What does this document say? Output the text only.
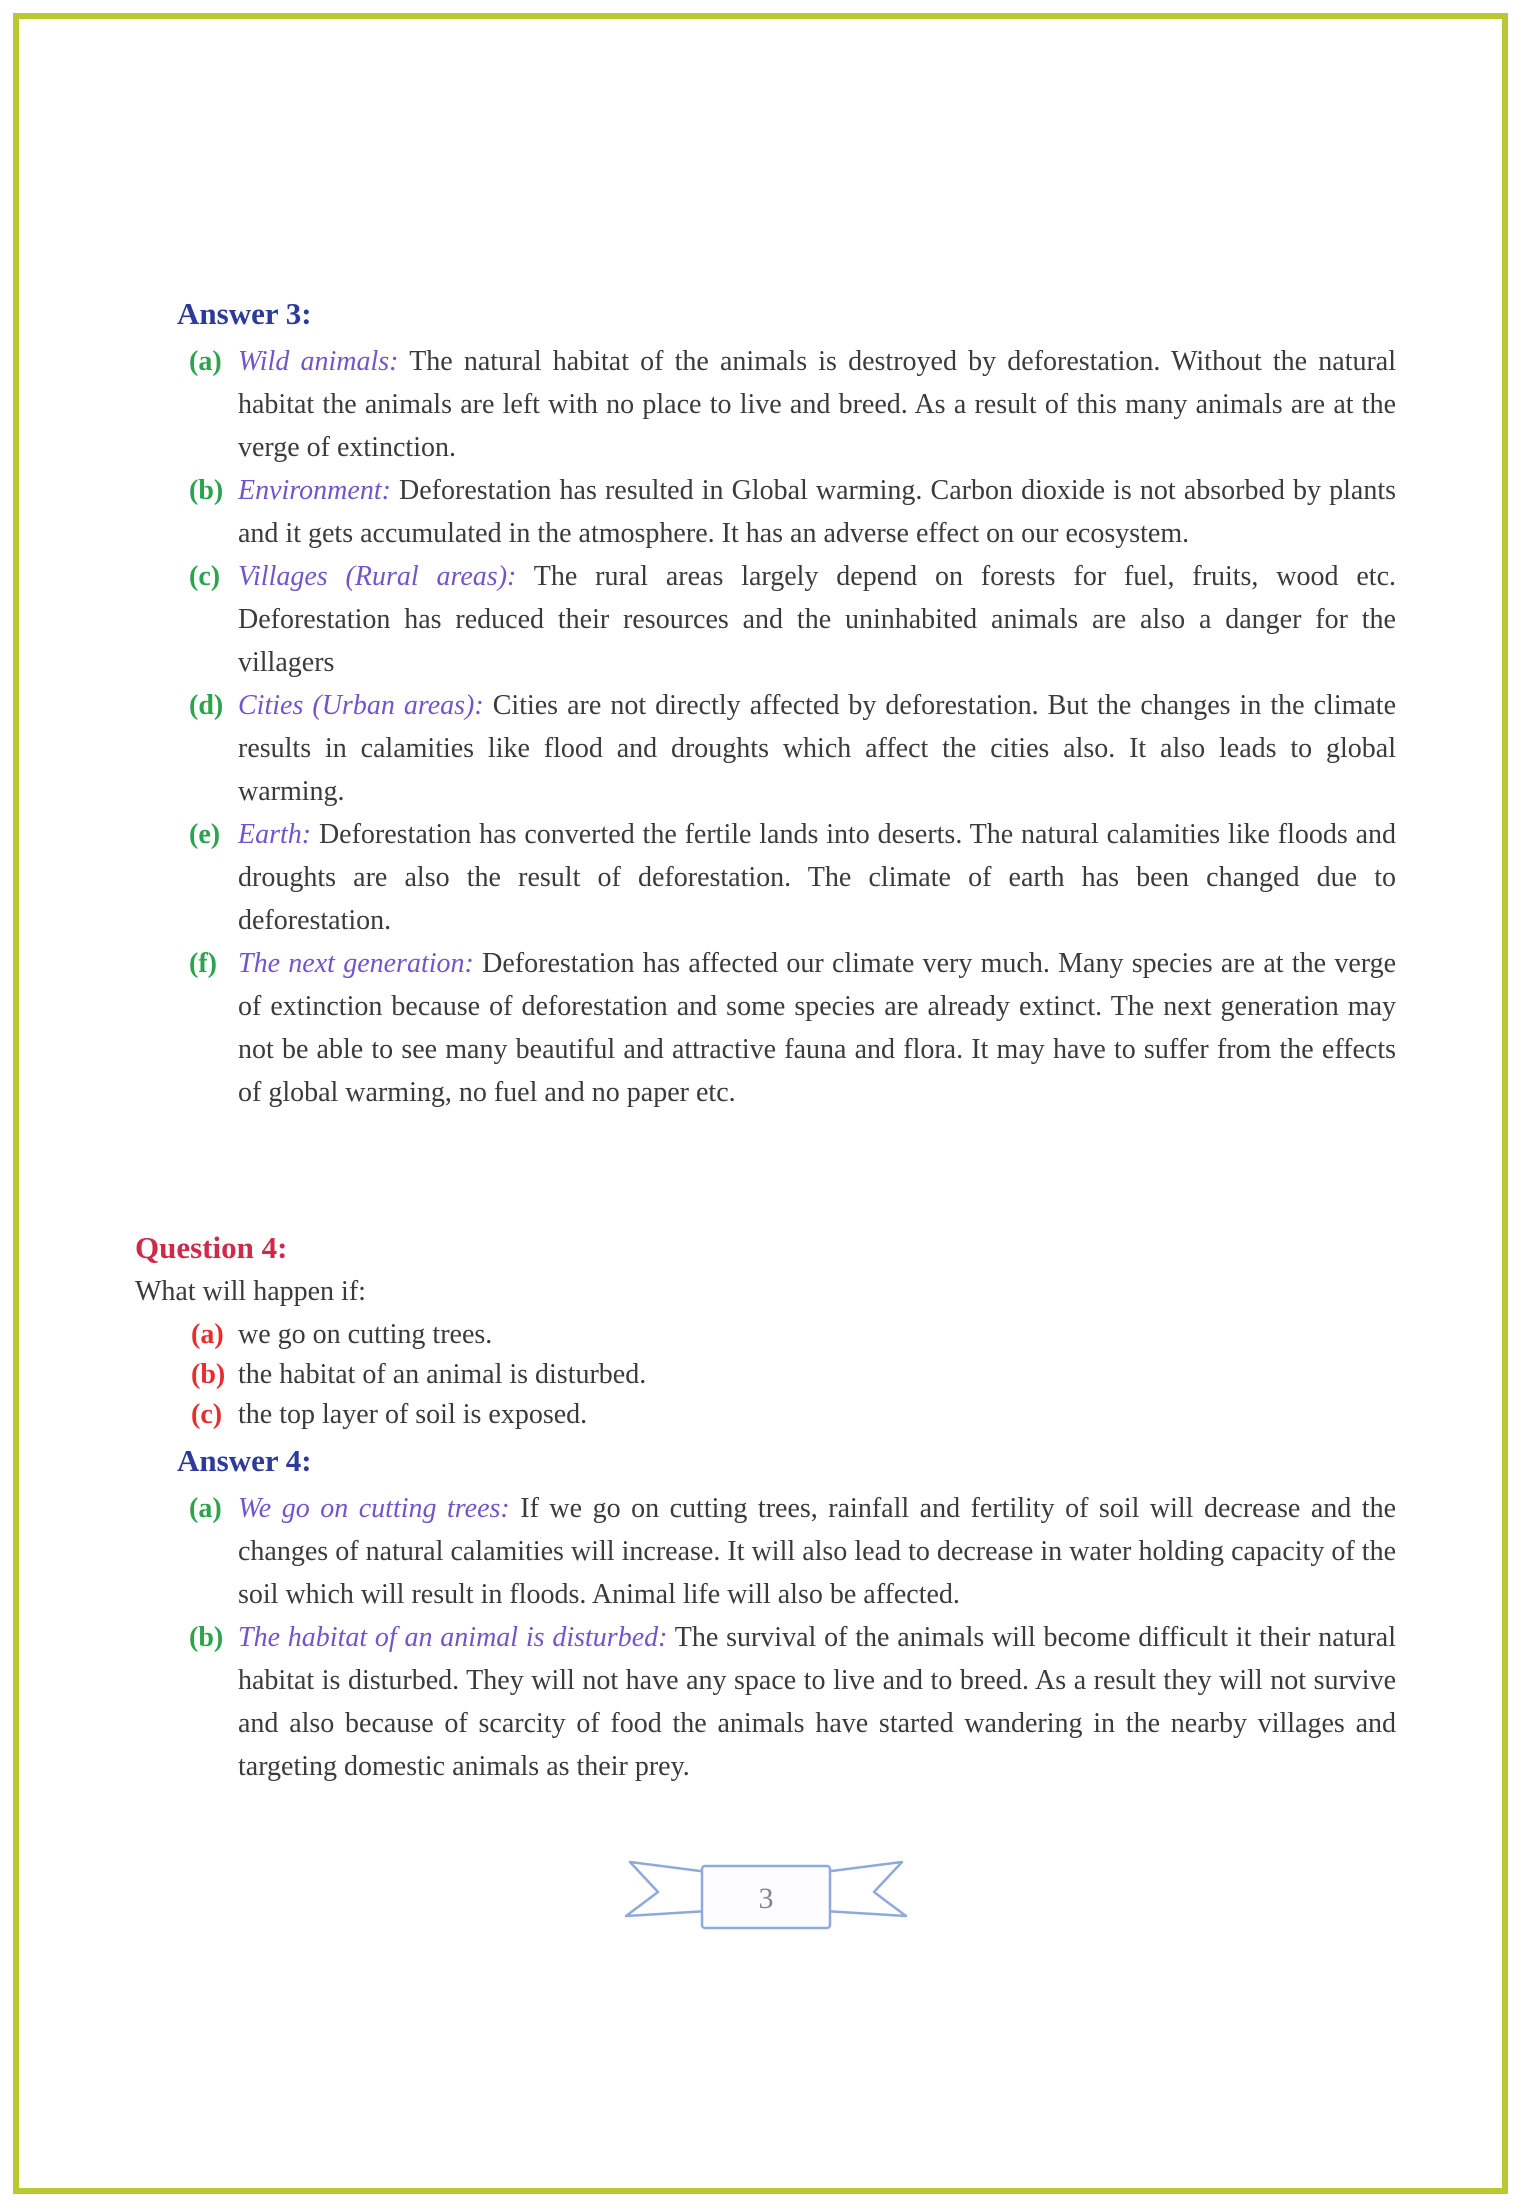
Answer 3:
(a) Wild animals: The natural habitat of the animals is destroyed by deforestation. Without the natural habitat the animals are left with no place to live and breed. As a result of this many animals are at the verge of extinction.

(b) Environment: Deforestation has resulted in Global warming. Carbon dioxide is not absorbed by plants and it gets accumulated in the atmosphere. It has an adverse effect on our ecosystem.

(c) Villages (Rural areas): The rural areas largely depend on forests for fuel, fruits, wood etc. Deforestation has reduced their resources and the uninhabited animals are also a danger for the villagers

(d) Cities (Urban areas): Cities are not directly affected by deforestation. But the changes in the climate results in calamities like flood and droughts which affect the cities also. It also leads to global warming.

(e) Earth: Deforestation has converted the fertile lands into deserts. The natural calamities like floods and droughts are also the result of deforestation. The climate of earth has been changed due to deforestation.

(f) The next generation: Deforestation has affected our climate very much. Many species are at the verge of extinction because of deforestation and some species are already extinct. The next generation may not be able to see many beautiful and attractive fauna and flora. It may have to suffer from the effects of global warming, no fuel and no paper etc.

Question 4:

What will happen if:

(a) we go on cutting trees.

(b) the habitat of an animal is disturbed.

(c) the top layer of soil is exposed.

Answer 4:
(a) We go on cutting trees: If we go on cutting trees, rainfall and fertility of soil will decrease and the changes of natural calamities will increase. It will also lead to decrease in water holding capacity of the soil which will result in floods. Animal life will also be affected.

(b) The habitat of an animal is disturbed: The survival of the animals will become difficult it their natural habitat is disturbed. They will not have any space to live and to breed. As a result they will not survive and also because of scarcity of food the animals have started wandering in the nearby villages and targeting domestic animals as their prey.

3
